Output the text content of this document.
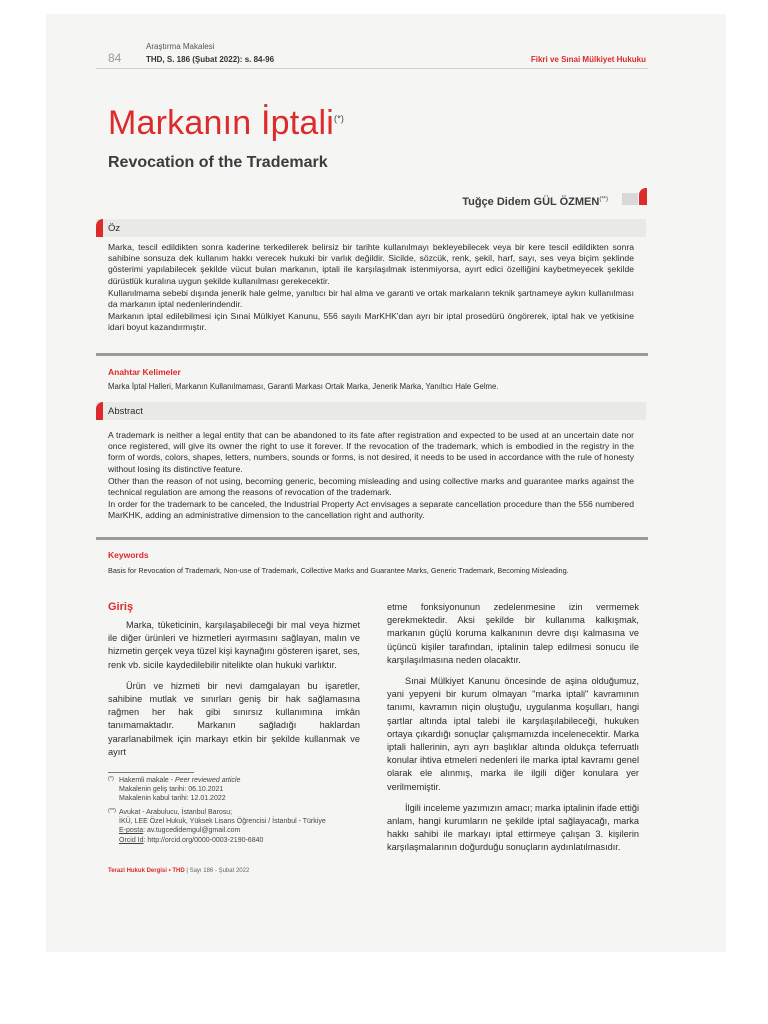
84
Araştırma Makalesi
THD, S. 186 (Şubat 2022): s. 84-96	Fikri ve Sınai Mülkiyet Hukuku
Markanın İptali(*)
Revocation of the Trademark
Tuğçe Didem GÜL ÖZMEN(**)
Öz

Marka, tescil edildikten sonra kaderine terkedilerek belirsiz bir tarihte kullanılmayı bekleyebilecek veya bir kere tescil edildikten sonra sahibine sonsuza dek kullanım hakkı verecek hukuki bir varlık değildir. Sicilde, sözcük, renk, şekil, harf, sayı, ses veya biçim şeklinde gösterimi yapılabilecek şekilde vücut bulan markanın, iptali ile karşılaşılmak istenmiyorsa, ayırt edici özelliğini kaybetmeyecek şekilde dürüstlük kuralına uygun şekilde kullanılması gerekecektir.

Kullanılmama sebebi dışında jenerik hale gelme, yanıltıcı bir hal alma ve garanti ve ortak markaların teknik şartnameye aykırı kullanılması da markanın iptal nedenlerindendir.

Markanın iptal edilebilmesi için Sınai Mülkiyet Kanunu, 556 sayılı MarKHK'dan ayrı bir iptal prosedürü öngörerek, iptal hak ve yetkisine idari boyut kazandırmıştır.

Anahtar Kelimeler
Marka İptal Halleri, Markanın Kullanılmaması, Garanti Markası Ortak Marka, Jenerik Marka, Yanıltıcı Hale Gelme.
Abstract

A trademark is neither a legal entity that can be abandoned to its fate after registration and expected to be used at an uncertain date nor once registered, will give its owner the right to use it forever. If the revocation of the trademark, which is embodied in the registry in the form of words, colors, shapes, letters, numbers, sounds or forms, is not desired, it needs to be used in accordance with the rule of honesty without losing its distinctive feature.

Other than the reason of not using, becoming generic, becoming misleading and using collective marks and guarantee marks against the technical regulation are among the reasons of revocation of the trademark.

In order for the trademark to be canceled, the Industrial Property Act envisages a separate cancellation procedure than the 556 numbered MarKHK, adding an administrative dimension to the cancellation right and authority.

Keywords
Basis for Revocation of Trademark, Non-use of Trademark, Collective Marks and Guarantee Marks, Generic Trademark, Becoming Misleading.
Giriş

Marka, tüketicinin, karşılaşabileceği bir mal veya hizmet ile diğer ürünleri ve hizmetleri ayırmasını sağlayan, malın ve hizmetin gerçek veya tüzel kişi kaynağını gösteren işaret, ses, renk vb. sicile kaydedilebilir nitelikte olan hukuki varlıktır.

Ürün ve hizmeti bir nevi damgalayan bu işaretler, sahibine mutlak ve sınırları geniş bir hak sağlamasına rağmen her hak gibi sınırsız kullanımına imkân tanımamaktadır. Markanın sağladığı haklardan yararlanabilmek için markayı etkin bir şekilde kullanmak ve ayırt

etme fonksiyonunun zedelenmesine izin vermemek gerekmektedir. Aksi şekilde bir kullanıma kalkışmak, markanın güçlü koruma kalkanının devre dışı kalmasına ve üçüncü kişiler tarafından, iptalinin talep edilmesi sonucu ile karşılaşılmasına neden olacaktır.

Sınai Mülkiyet Kanunu öncesinde de aşina olduğumuz, yani yepyeni bir kurum olmayan "marka iptali" kavramının tanımı, kavramın niçin oluştuğu, uygulanma koşulları, hangi şartlar altında iptal talebi ile karşılaşılabileceği, hukuken ortaya çıkardığı sonuçlar çalışmamızda incelenecektir. Marka iptali hallerinin, ayrı ayrı başlıklar altında oldukça teferruatlı konular ihtiva etmeleri nedenleri ile marka iptal kavramı genel olarak ele alınmış, marka ile ilgili diğer konulara yer verilmemiştir.

İlgili inceleme yazımızın amacı; marka iptalinin ifade ettiği anlam, hangi kurumların ne şekilde iptal sağlayacağı, marka hakkı sahibi ile markayı iptal ettirmeye çalışan 3. kişilerin karşılaşmalarının doğurduğu sonuçların aydınlatılmasıdır.

(*) Hakemli makale - Peer reviewed article
Makalenin geliş tarihi: 06.10.2021
Makalenin kabul tarihi: 12.01.2022
(**) Avukat - Arabulucu, İstanbul Barosu;
İKÜ, LEE Özel Hukuk, Yüksek Lisans Öğrencisi / İstanbul - Türkiye
E-posta: av.tugcedidemgul@gmail.com
Orcid Id: http://orcid.org/0000-0003-2190-6840
Terazi Hukuk Dergisi • THD | Sayı 186 - Şubat 2022
